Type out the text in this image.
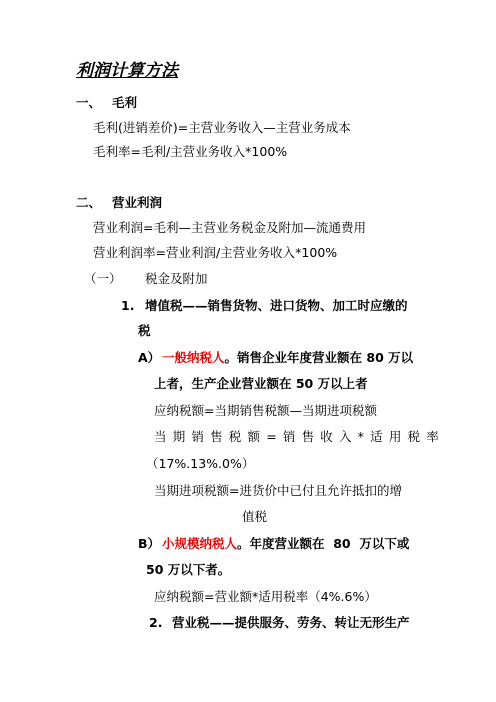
利润计算方法
一、 毛利
毛利(进销差价)=主营业务收入—主营业务成本
毛利率=毛利/主营业务收入*100%
二、 营业利润
营业利润=毛利—主营业务税金及附加—流通费用
营业利润率=营业利润/主营业务收入*100%
（一） 税金及附加
1. 增值税——销售货物、进口货物、加工时应缴的
税
A） 一般纳税人。销售企业年度营业额在 80 万以
上者，生产企业营业额在 50 万以上者
应纳税额=当期销售税额—当期进项税额
当期销售税额=销售收入*适用税率
（17%.13%.0%）
当期进项税额=进货价中已付且允许抵扣的增
值税
B） 小规模纳税人。年度营业额在  80  万以下或
50 万以下者。
应纳税额=营业额*适用税率（4%.6%）
2. 营业税——提供服务、劳务、转让无形生产
